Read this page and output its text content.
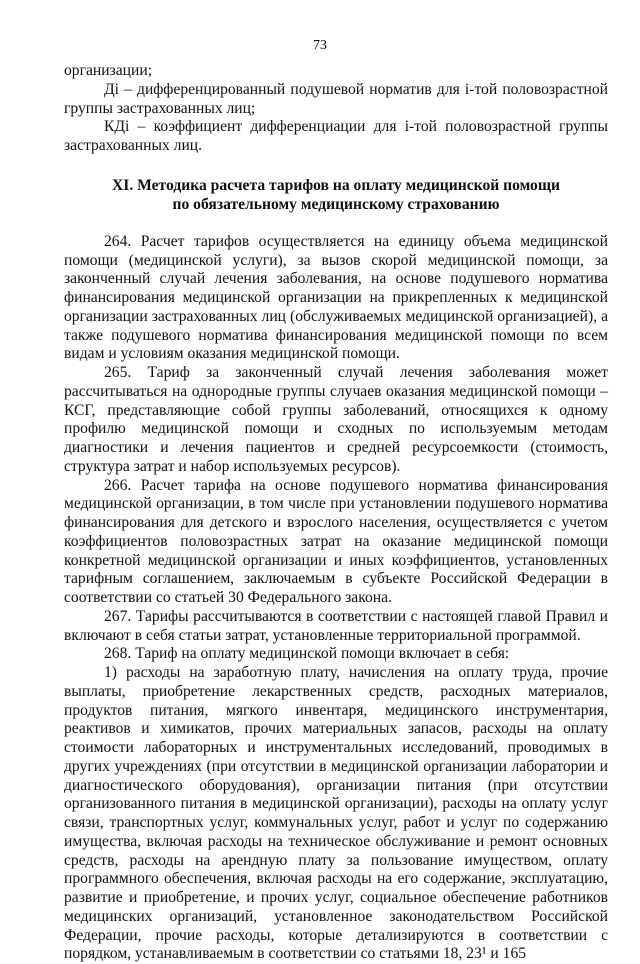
73

организации;

Дi – дифференцированный подушевой норматив для i-той половозрастной группы застрахованных лиц;

КДi – коэффициент дифференциации для i-той половозрастной группы застрахованных лиц.

XI. Методика расчета тарифов на оплату медицинской помощи
по обязательному медицинскому страхованию

264. Расчет тарифов осуществляется на единицу объема медицинской помощи (медицинской услуги), за вызов скорой медицинской помощи, за законченный случай лечения заболевания, на основе подушевого норматива финансирования медицинской организации на прикрепленных к медицинской организации застрахованных лиц (обслуживаемых медицинской организацией), а также подушевого норматива финансирования медицинской помощи по всем видам и условиям оказания медицинской помощи.

265. Тариф за законченный случай лечения заболевания может рассчитываться на однородные группы случаев оказания медицинской помощи – КСГ, представляющие собой группы заболеваний, относящихся к одному профилю медицинской помощи и сходных по используемым методам диагностики и лечения пациентов и средней ресурсоемкости (стоимость, структура затрат и набор используемых ресурсов).

266. Расчет тарифа на основе подушевого норматива финансирования медицинской организации, в том числе при установлении подушевого норматива финансирования для детского и взрослого населения, осуществляется с учетом коэффициентов половозрастных затрат на оказание медицинской помощи конкретной медицинской организации и иных коэффициентов, установленных тарифным соглашением, заключаемым в субъекте Российской Федерации в соответствии со статьей 30 Федерального закона.

267. Тарифы рассчитываются в соответствии с настоящей главой Правил и включают в себя статьи затрат, установленные территориальной программой.

268. Тариф на оплату медицинской помощи включает в себя:

1) расходы на заработную плату, начисления на оплату труда, прочие выплаты, приобретение лекарственных средств, расходных материалов, продуктов питания, мягкого инвентаря, медицинского инструментария, реактивов и химикатов, прочих материальных запасов, расходы на оплату стоимости лабораторных и инструментальных исследований, проводимых в других учреждениях (при отсутствии в медицинской организации лаборатории и диагностического оборудования), организации питания (при отсутствии организованного питания в медицинской организации), расходы на оплату услуг связи, транспортных услуг, коммунальных услуг, работ и услуг по содержанию имущества, включая расходы на техническое обслуживание и ремонт основных средств, расходы на арендную плату за пользование имуществом, оплату программного обеспечения, включая расходы на его содержание, эксплуатацию, развитие и приобретение, и прочих услуг, социальное обеспечение работников медицинских организаций, установленное законодательством Российской Федерации, прочие расходы, которые детализируются в соответствии с порядком, устанавливаемым в соответствии со статьями 18, 23¹ и 165
